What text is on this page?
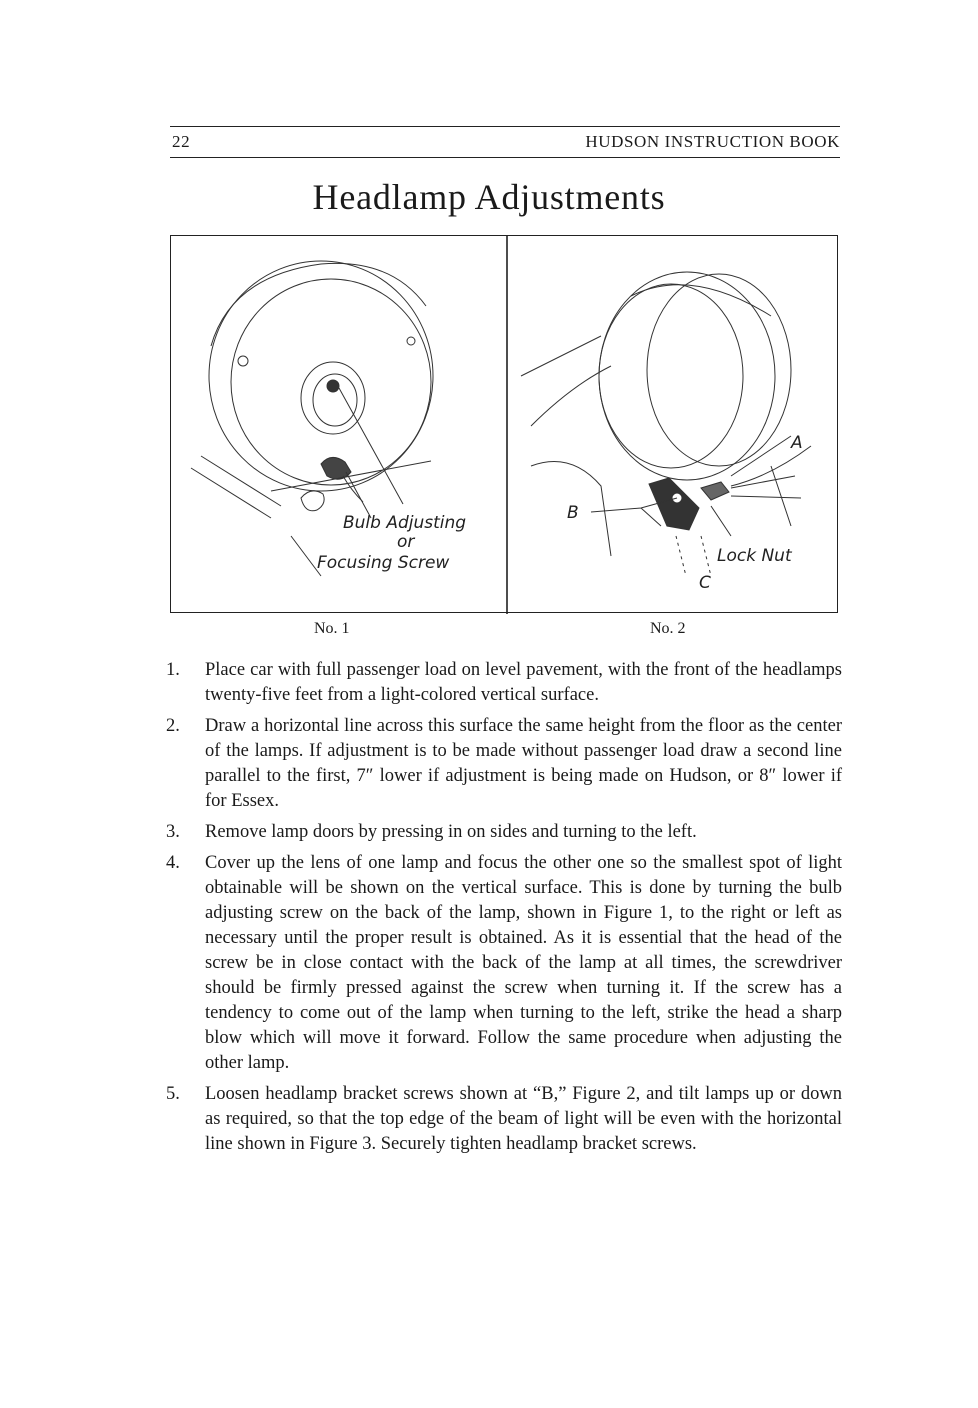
22	HUDSON INSTRUCTION BOOK
Headlamp Adjustments
Bulb Adjusting
or
Focusing Screw
A
B
C
Lock Nut
No. 1	No. 2
1. Place car with full passenger load on level pavement, with the front of the headlamps twenty-five feet from a light-colored vertical surface.
2. Draw a horizontal line across this surface the same height from the floor as the center of the lamps. If adjustment is to be made without passenger load draw a second line parallel to the first, 7″ lower if adjustment is being made on Hudson, or 8″ lower if for Essex.
3. Remove lamp doors by pressing in on sides and turning to the left.
4. Cover up the lens of one lamp and focus the other one so the smallest spot of light obtainable will be shown on the vertical surface. This is done by turning the bulb adjusting screw on the back of the lamp, shown in Figure 1, to the right or left as necessary until the proper result is obtained. As it is essential that the head of the screw be in close contact with the back of the lamp at all times, the screwdriver should be firmly pressed against the screw when turning it. If the screw has a tendency to come out of the lamp when turning to the left, strike the head a sharp blow which will move it forward. Follow the same procedure when adjusting the other lamp.
5. Loosen headlamp bracket screws shown at “B,” Figure 2, and tilt lamps up or down as required, so that the top edge of the beam of light will be even with the horizontal line shown in Figure 3. Securely tighten headlamp bracket screws.
